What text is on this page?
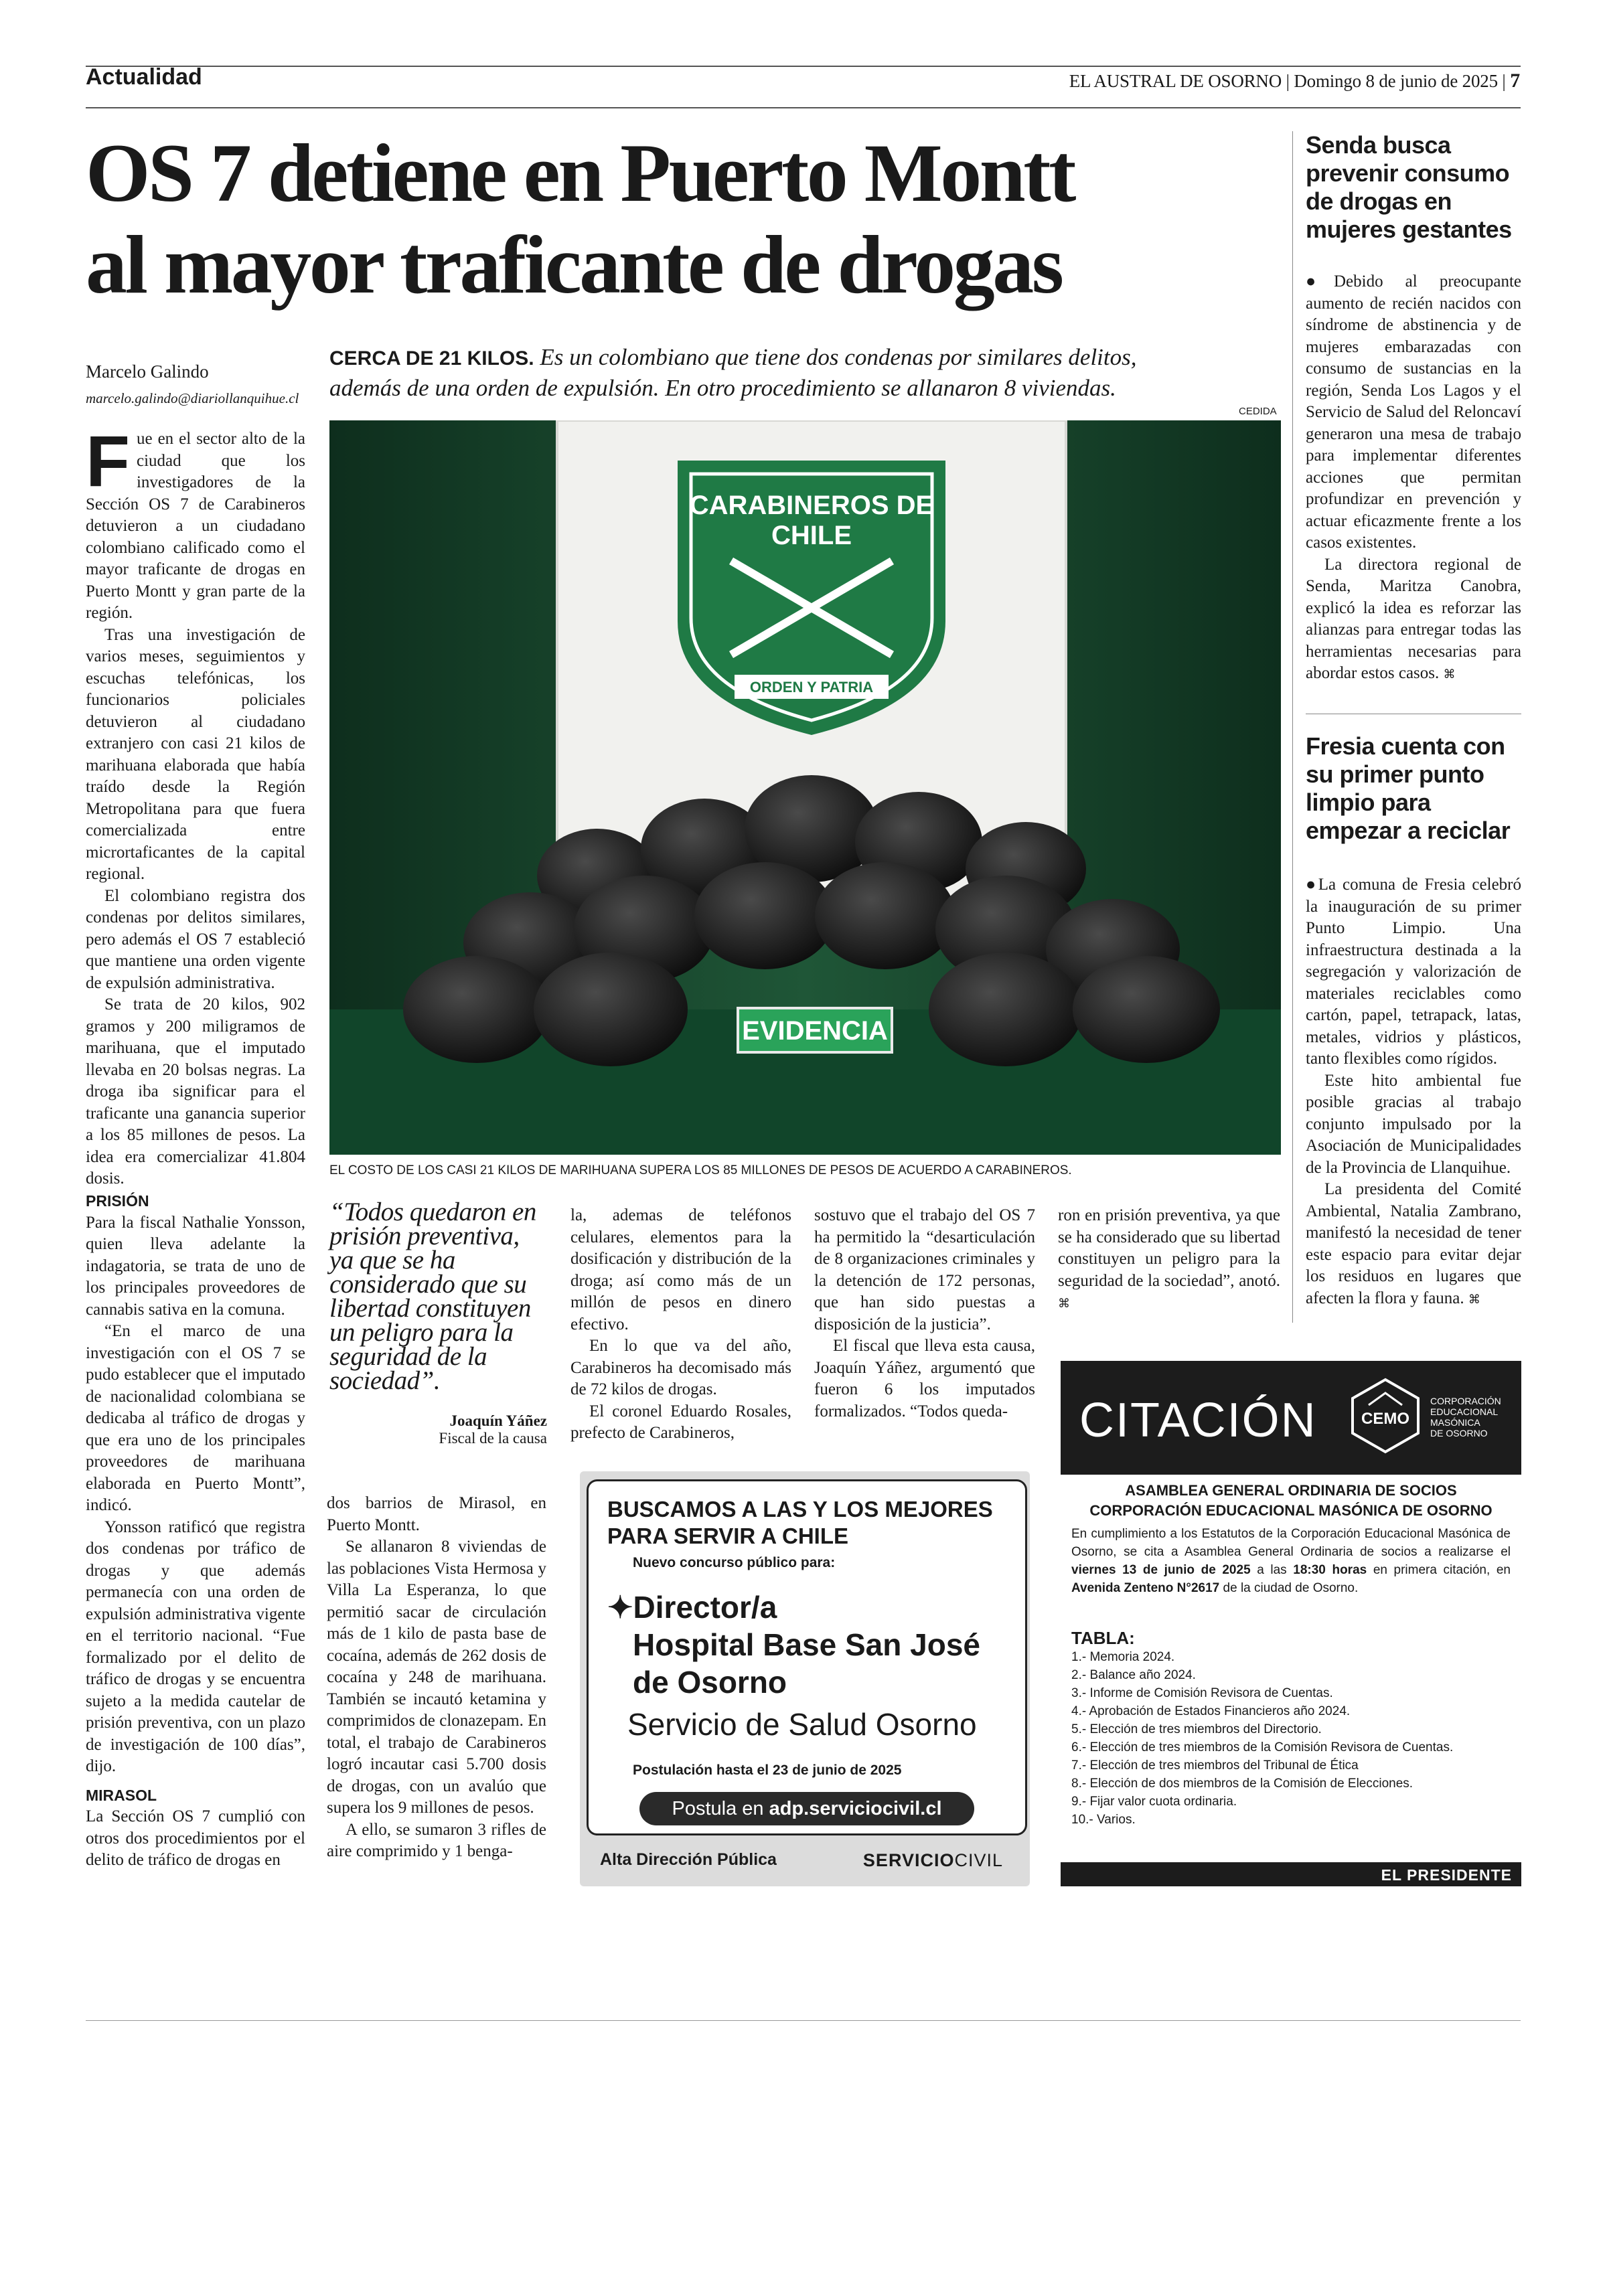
Actualidad	EL AUSTRAL DE OSORNO | Domingo 8 de junio de 2025 | 7
OS 7 detiene en Puerto Montt
al mayor traficante de drogas
Marcelo Galindo
marcelo.galindo@diariollanquihue.cl
CERCA DE 21 KILOS. Es un colombiano que tiene dos condenas por similares delitos,
además de una orden de expulsión. En otro procedimiento se allanaron 8 viviendas.
CEDIDA
CARABINEROS DE
CHILE
ORDEN Y PATRIA
EVIDENCIA
EL COSTO DE LOS CASI 21 KILOS DE MARIHUANA SUPERA LOS 85 MILLONES DE PESOS DE ACUERDO A CARABINEROS.

Fue en el sector alto de la ciudad que los investigadores de la Sección OS 7 de Carabineros detuvieron a un ciudadano colombiano calificado como el mayor traficante de drogas en Puerto Montt y gran parte de la región.

Tras una investigación de varios meses, seguimientos y escuchas telefónicas, los funcionarios policiales detuvieron al ciudadano extranjero con casi 21 kilos de marihuana elaborada que había traído desde la Región Metropolitana para que fuera comercializada entre micrortaficantes de la capital regional.

El colombiano registra dos condenas por delitos similares, pero además el OS 7 estableció que mantiene una orden vigente de expulsión administrativa.

Se trata de 20 kilos, 902 gramos y 200 miligramos de marihuana, que el imputado llevaba en 20 bolsas negras. La droga iba significar para el traficante una ganancia superior a los 85 millones de pesos. La idea era comercializar 41.804 dosis.

PRISIÓN

Para la fiscal Nathalie Yonsson, quien lleva adelante la indagatoria, se trata de uno de los principales proveedores de cannabis sativa en la comuna.

“En el marco de una investigación con el OS 7 se pudo establecer que el imputado de nacionalidad colombiana se dedicaba al tráfico de drogas y que era uno de los principales proveedores de marihuana elaborada en Puerto Montt”, indicó.

Yonsson ratificó que registra dos condenas por tráfico de drogas y que además permanecía con una orden de expulsión administrativa vigente en el territorio nacional. “Fue formalizado por el delito de tráfico de drogas y se encuentra sujeto a la medida cautelar de prisión preventiva, con un plazo de investigación de 100 días”, dijo.

MIRASOL

La Sección OS 7 cumplió con otros dos procedimientos por el delito de tráfico de drogas en

“Todos quedaron en prisión preventiva, ya que se ha considerado que su libertad constituyen un peligro para la seguridad de la sociedad”.
Joaquín Yáñez
Fiscal de la causa

dos barrios de Mirasol, en Puerto Montt.

Se allanaron 8 viviendas de las poblaciones Vista Hermosa y Villa La Esperanza, lo que permitió sacar de circulación más de 1 kilo de pasta base de cocaína, además de 262 dosis de cocaína y 248 de marihuana. También se incautó ketamina y comprimidos de clonazepam. En total, el trabajo de Carabineros logró incautar casi 5.700 dosis de drogas, con un avalúo que supera los 9 millones de pesos.

A ello, se sumaron 3 rifles de aire comprimido y 1 benga-

la, ademas de teléfonos celulares, elementos para la dosificación y distribución de la droga; así como más de un millón de pesos en dinero efectivo.

En lo que va del año, Carabineros ha decomisado más de 72 kilos de drogas.

El coronel Eduardo Rosales, prefecto de Carabineros,

sostuvo que el trabajo del OS 7 ha permitido la “desarticulación de 8 organizaciones criminales y la detención de 172 personas, que han sido puestas a disposición de la justicia”.

El fiscal que lleva esta causa, Joaquín Yáñez, argumentó que fueron 6 los imputados formalizados. “Todos queda-

ron en prisión preventiva, ya que se ha considerado que su libertad constituyen un peligro para la seguridad de la sociedad”, anotó. ⌘

Senda busca prevenir consumo de drogas en mujeres gestantes

●Debido al preocupante aumento de recién nacidos con síndrome de abstinencia y de mujeres embarazadas con consumo de sustancias en la región, Senda Los Lagos y el Servicio de Salud del Reloncaví generaron una mesa de trabajo para implementar diferentes acciones que permitan profundizar en prevención y actuar eficazmente frente a los casos existentes.

La directora regional de Senda, Maritza Canobra, explicó la idea es reforzar las alianzas para entregar todas las herramientas necesarias para abordar estos casos. ⌘

Fresia cuenta con su primer punto limpio para empezar a reciclar

●La comuna de Fresia celebró la inauguración de su primer Punto Limpio. Una infraestructura destinada a la segregación y valorización de materiales reciclables como cartón, papel, tetrapack, latas, metales, vidrios y plásticos, tanto flexibles como rígidos.

Este hito ambiental fue posible gracias al trabajo conjunto impulsado por la Asociación de Municipalidades de la Provincia de Llanquihue.

La presidenta del Comité Ambiental, Natalia Zambrano, manifestó la necesidad de tener este espacio para evitar dejar los residuos en lugares que afecten la flora y fauna. ⌘

BUSCAMOS A LAS Y LOS MEJORES
PARA SERVIR A CHILE
Nuevo concurso público para:
✦Director/a
Hospital Base San José
de Osorno
Servicio de Salud Osorno
Postulación hasta el 23 de junio de 2025
Postula en adp.serviciocivil.cl
Alta Dirección Pública	SERVICIOCIVIL
CITACIÓN	CEMO
CORPORACIÓN
EDUCACIONAL
MASÓNICA
DE OSORNO
ASAMBLEA GENERAL ORDINARIA DE SOCIOS
CORPORACIÓN EDUCACIONAL MASÓNICA DE OSORNO
En cumplimiento a los Estatutos de la Corporación Educacional Masónica de Osorno, se cita a Asamblea General Ordinaria de socios a realizarse el viernes 13 de junio de 2025 a las 18:30 horas en primera citación, en Avenida Zenteno N°2617 de la ciudad de Osorno.
TABLA:
1.- Memoria 2024.
2.- Balance año 2024.
3.- Informe de Comisión Revisora de Cuentas.
4.- Aprobación de Estados Financieros año 2024.
5.- Elección de tres miembros del Directorio.
6.- Elección de tres miembros de la Comisión Revisora de Cuentas.
7.- Elección de tres miembros del Tribunal de Ética
8.- Elección de dos miembros de la Comisión de Elecciones.
9.- Fijar valor cuota ordinaria.
10.- Varios.
EL PRESIDENTE
